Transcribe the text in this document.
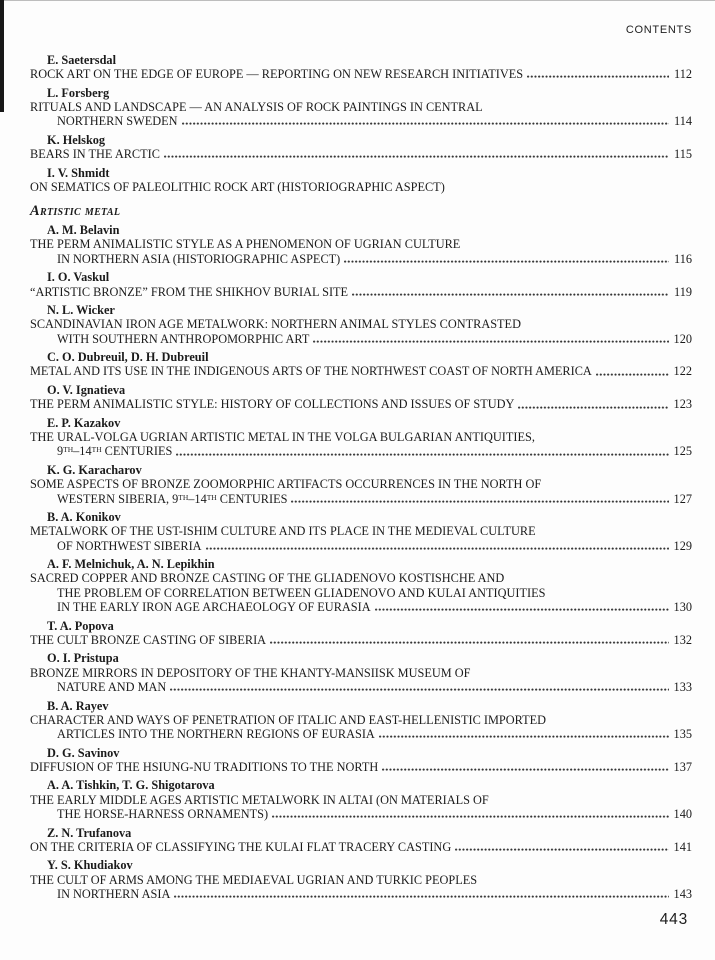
CONTENTS
E. Saetersdal
ROCK ART ON THE EDGE OF EUROPE — REPORTING ON NEW RESEARCH INITIATIVES	112
L. Forsberg
RITUALS AND LANDSCAPE — AN ANALYSIS OF ROCK PAINTINGS IN CENTRAL
NORTHERN SWEDEN	114
K. Helskog
BEARS IN THE ARCTIC	115
I. V. Shmidt
ON SEMATICS OF PALEOLITHIC ROCK ART (HISTORIOGRAPHIC ASPECT)
Artistic metal
A. M. Belavin
THE PERM ANIMALISTIC STYLE AS A PHENOMENON OF UGRIAN CULTURE
IN NORTHERN ASIA (HISTORIOGRAPHIC ASPECT)	116
I. O. Vaskul
“ARTISTIC BRONZE” FROM THE SHIKHOV BURIAL SITE	119
N. L. Wicker
SCANDINAVIAN IRON AGE METALWORK: NORTHERN ANIMAL STYLES CONTRASTED
WITH SOUTHERN ANTHROPOMORPHIC ART	120
C. O. Dubreuil, D. H. Dubreuil
METAL AND ITS USE IN THE INDIGENOUS ARTS OF THE NORTHWEST COAST OF NORTH AMERICA	122
O. V. Ignatieva
THE PERM ANIMALISTIC STYLE: HISTORY OF COLLECTIONS AND ISSUES OF STUDY	123
E. P. Kazakov
THE URAL-VOLGA UGRIAN ARTISTIC METAL IN THE VOLGA BULGARIAN ANTIQUITIES,
9TH–14TH CENTURIES	125
K. G. Karacharov
SOME ASPECTS OF BRONZE ZOOMORPHIC ARTIFACTS OCCURRENCES IN THE NORTH OF
WESTERN SIBERIA, 9TH–14TH CENTURIES	127
B. A. Konikov
METALWORK OF THE UST-ISHIM CULTURE AND ITS PLACE IN THE MEDIEVAL CULTURE
OF NORTHWEST SIBERIA	129
A. F. Melnichuk, A. N. Lepikhin
SACRED COPPER AND BRONZE CASTING OF THE GLIADENOVO KOSTISHCHE AND
THE PROBLEM OF CORRELATION BETWEEN GLIADENOVO AND KULAI ANTIQUITIES
IN THE EARLY IRON AGE ARCHAEOLOGY OF EURASIA	130
T. A. Popova
THE CULT BRONZE CASTING OF SIBERIA	132
O. I. Pristupa
BRONZE MIRRORS IN DEPOSITORY OF THE KHANTY-MANSIISK MUSEUM OF
NATURE AND MAN	133
B. A. Rayev
CHARACTER AND WAYS OF PENETRATION OF ITALIC AND EAST-HELLENISTIC IMPORTED
ARTICLES INTO THE NORTHERN REGIONS OF EURASIA	135
D. G. Savinov
DIFFUSION OF THE HSIUNG-NU TRADITIONS TO THE NORTH	137
A. A. Tishkin, T. G. Shigotarova
THE EARLY MIDDLE AGES ARTISTIC METALWORK IN ALTAI (ON MATERIALS OF
THE HORSE-HARNESS ORNAMENTS)	140
Z. N. Trufanova
ON THE CRITERIA OF CLASSIFYING THE KULAI FLAT TRACERY CASTING	141
Y. S. Khudiakov
THE CULT OF ARMS AMONG THE MEDIAEVAL UGRIAN AND TURKIC PEOPLES
IN NORTHERN ASIA	143
443
